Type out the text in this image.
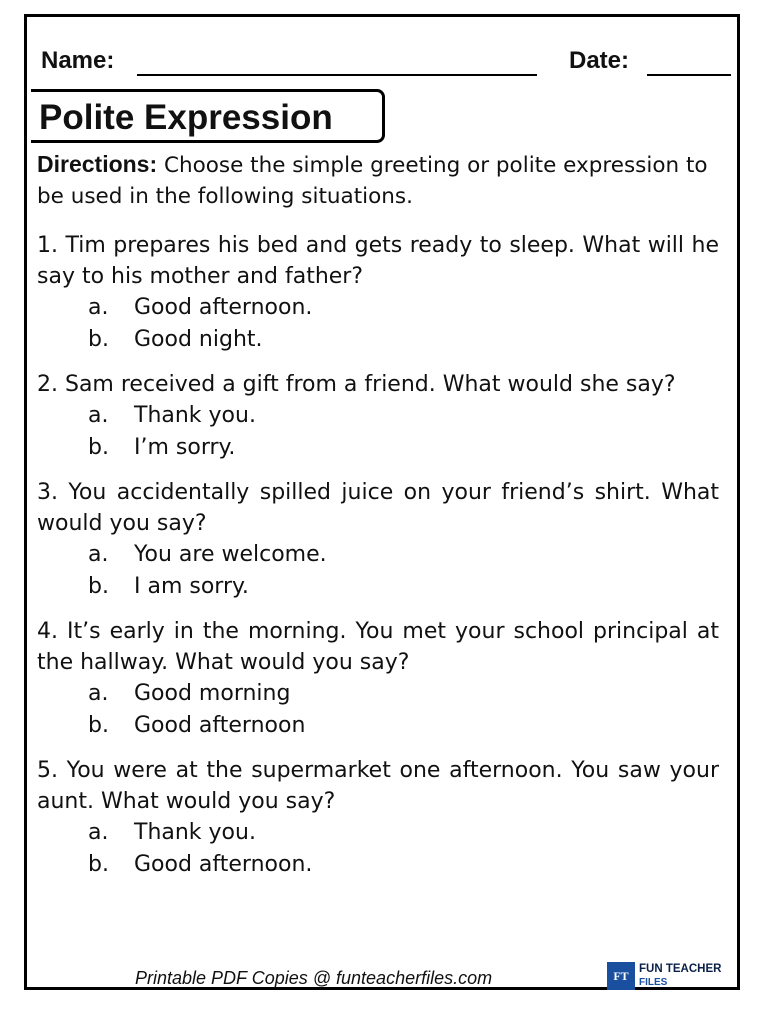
Name:	Date:
Polite Expression
Directions: Choose the simple greeting or polite expression to be used in the following situations.
1. Tim prepares his bed and gets ready to sleep. What will he say to his mother and father?
a. Good afternoon.
b. Good night.
2. Sam received a gift from a friend. What would she say?
a. Thank you.
b. I’m sorry.
3. You accidentally spilled juice on your friend’s shirt. What would you say?
a. You are welcome.
b. I am sorry.
4. It’s early in the morning. You met your school principal at the hallway. What would you say?
a. Good morning
b. Good afternoon
5. You were at the supermarket one afternoon. You saw your aunt. What would you say?
a. Thank you.
b. Good afternoon.
Printable PDF Copies @ funteacherfiles.com	FT FUN TEACHER
FILES
